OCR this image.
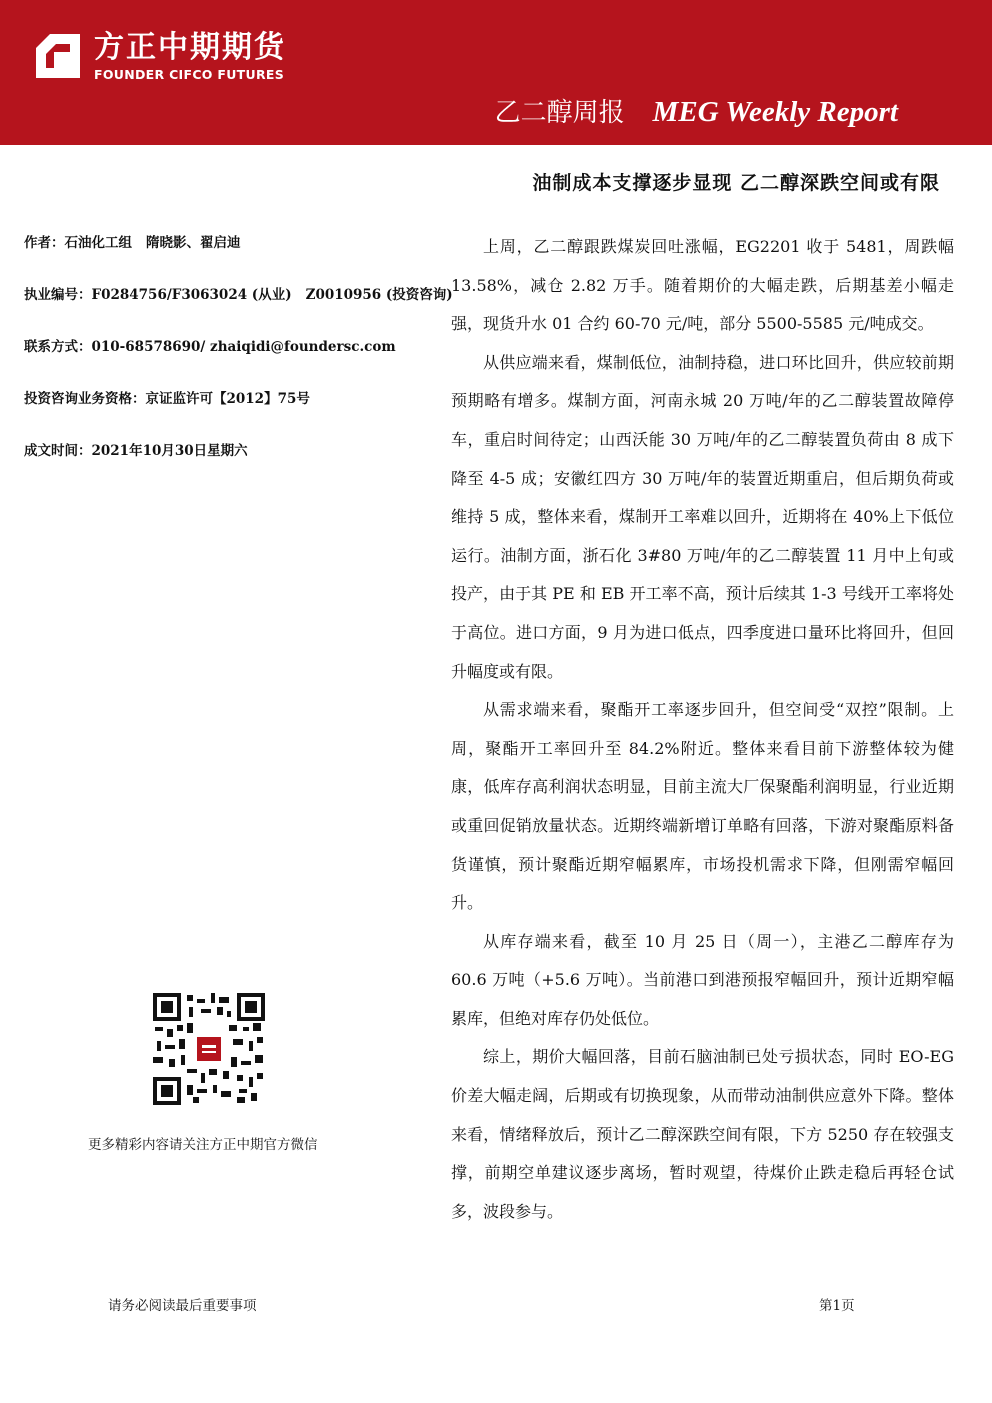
方正中期期货
FOUNDER CIFCO FUTURES
乙二醇周报 MEG Weekly Report
油制成本支撑逐步显现 乙二醇深跌空间或有限
作者：石油化工组 隋晓影、翟启迪
执业编号：F0284756/F3063024 (从业) Z0010956 (投资咨询)
联系方式：010-68578690/ zhaiqidi@foundersc.com
投资咨询业务资格：京证监许可【2012】75号
成文时间：2021年10月30日星期六

上周，乙二醇跟跌煤炭回吐涨幅，EG2201 收于 5481，周跌幅 13.58%，减仓 2.82 万手。随着期价的大幅走跌，后期基差小幅走强，现货升水 01 合约 60-70 元/吨，部分 5500-5585 元/吨成交。

从供应端来看，煤制低位，油制持稳，进口环比回升，供应较前期预期略有增多。煤制方面，河南永城 20 万吨/年的乙二醇装置故障停车，重启时间待定；山西沃能 30 万吨/年的乙二醇装置负荷由 8 成下降至 4-5 成；安徽红四方 30 万吨/年的装置近期重启，但后期负荷或维持 5 成，整体来看，煤制开工率难以回升，近期将在 40%上下低位运行。油制方面，浙石化 3#80 万吨/年的乙二醇装置 11 月中上旬或投产，由于其 PE 和 EB 开工率不高，预计后续其 1-3 号线开工率将处于高位。进口方面，9 月为进口低点，四季度进口量环比将回升，但回升幅度或有限。

从需求端来看，聚酯开工率逐步回升，但空间受“双控”限制。上周，聚酯开工率回升至 84.2%附近。整体来看目前下游整体较为健康，低库存高利润状态明显，目前主流大厂保聚酯利润明显，行业近期或重回促销放量状态。近期终端新增订单略有回落，下游对聚酯原料备货谨慎，预计聚酯近期窄幅累库，市场投机需求下降，但刚需窄幅回升。

从库存端来看，截至 10 月 25 日（周一），主港乙二醇库存为 60.6 万吨（+5.6 万吨）。当前港口到港预报窄幅回升，预计近期窄幅累库，但绝对库存仍处低位。

综上，期价大幅回落，目前石脑油制已处亏损状态，同时 EO-EG 价差大幅走阔，后期或有切换现象，从而带动油制供应意外下降。整体来看，情绪释放后，预计乙二醇深跌空间有限，下方 5250 存在较强支撑，前期空单建议逐步离场，暂时观望，待煤价止跌走稳后再轻仓试多，波段参与。

更多精彩内容请关注方正中期官方微信
请务必阅读最后重要事项	第1页
